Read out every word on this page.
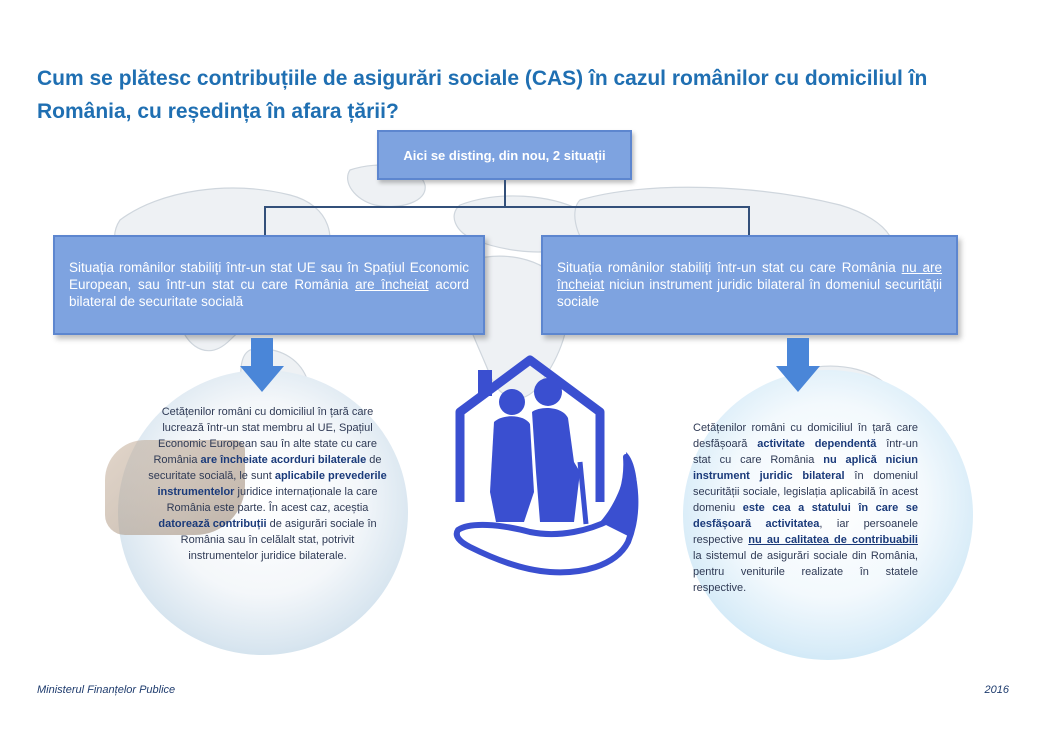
Cum se plătesc contribuțiile de asigurări sociale (CAS) în cazul românilor cu domiciliul în România, cu reședința în afara țării?
Aici se disting, din nou, 2 situații
Situația românilor stabiliți într-un stat UE sau în Spațiul Economic European, sau într-un stat cu care România are încheiat acord bilateral de securitate socială
Situația românilor stabiliți într-un stat cu care România nu are încheiat niciun instrument juridic bilateral în domeniul securității sociale
Cetățenilor români cu domiciliul în țară care lucrează într-un stat membru al UE, Spațiul Economic European sau în alte state cu care România are încheiate acorduri bilaterale de securitate socială, le sunt aplicabile prevederile instrumentelor juridice internaționale la care România este parte. În acest caz, aceștia datorează contribuții de asigurări sociale în România sau în celălalt stat, potrivit instrumentelor juridice bilaterale.
Cetățenilor români cu domiciliul în țară care desfășoară activitate dependentă într-un stat cu care România nu aplică niciun instrument juridic bilateral în domeniul securității sociale, legislația aplicabilă în acest domeniu este cea a statului în care se desfășoară activitatea, iar persoanele respective nu au calitatea de contribuabili la sistemul de asigurări sociale din România, pentru veniturile realizate în statele respective.
Ministerul Finanțelor Publice	2016
